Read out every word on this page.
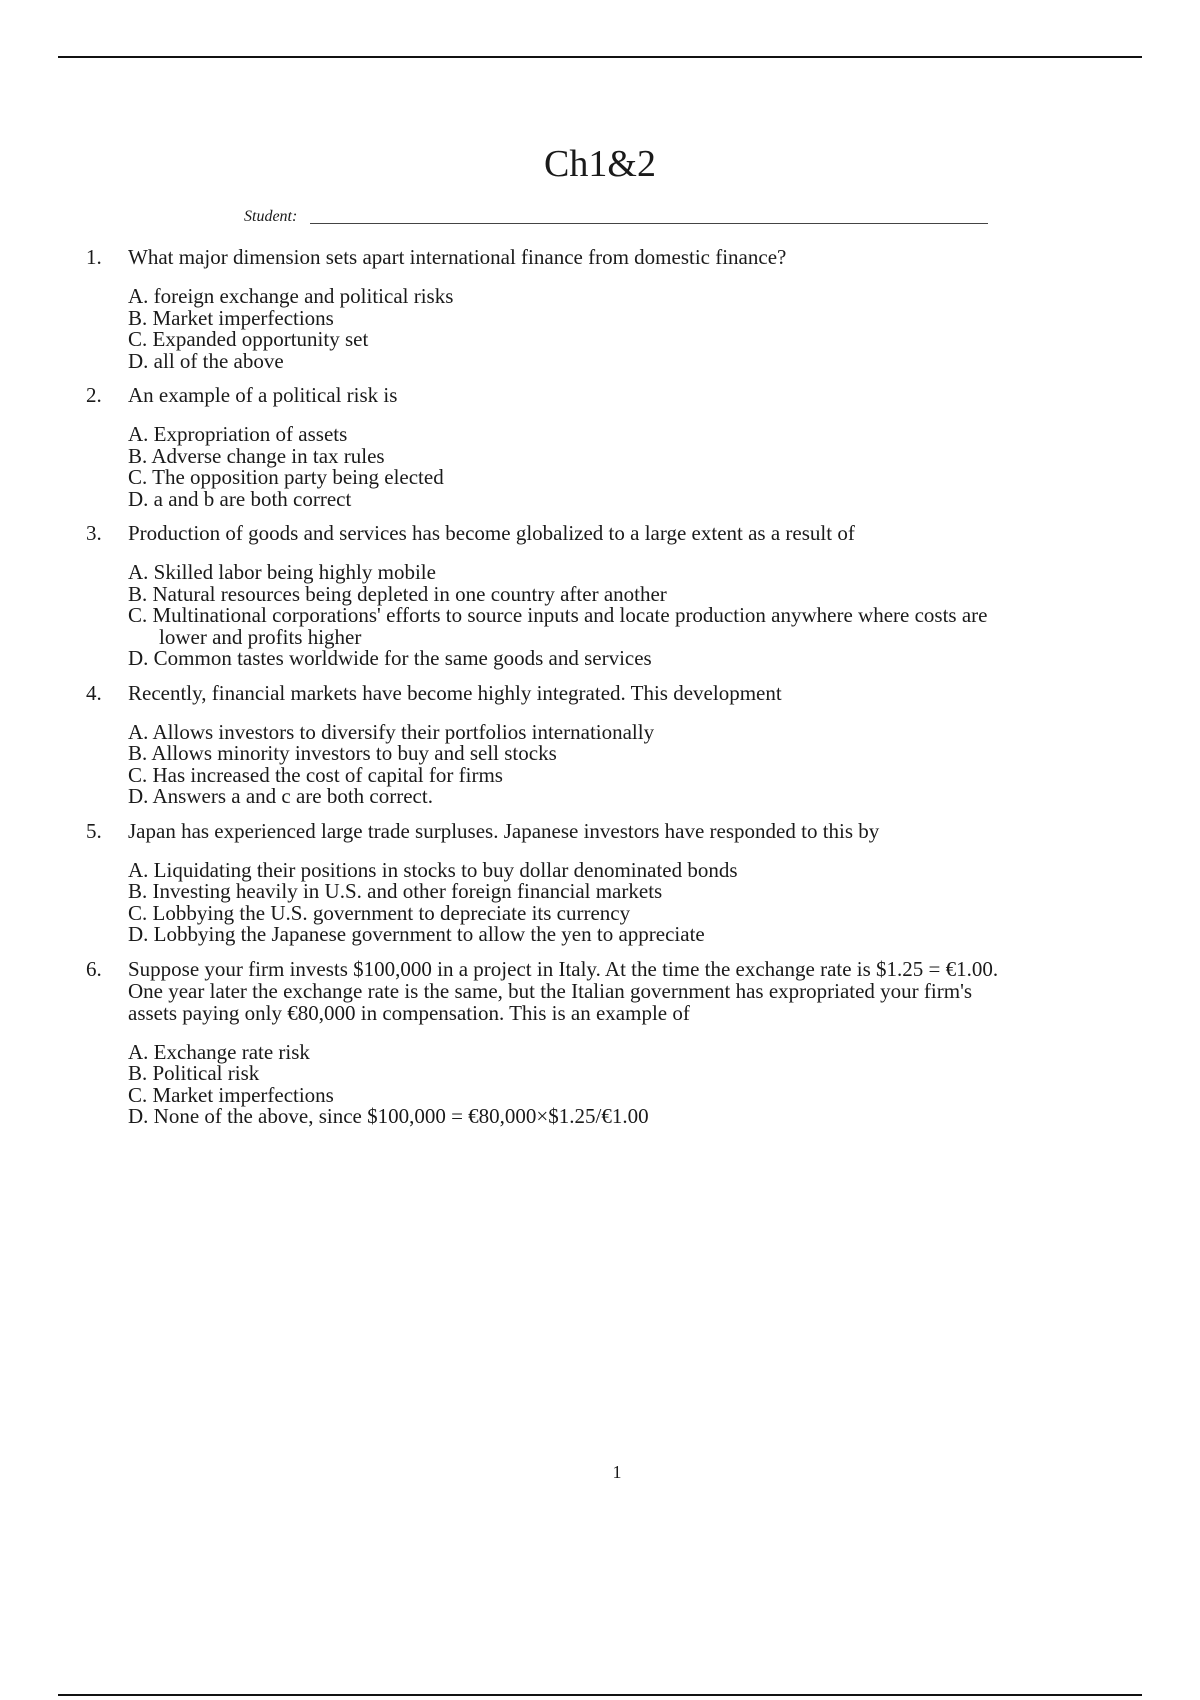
Ch1&2
Student:
1. What major dimension sets apart international finance from domestic finance?
A. foreign exchange and political risks
B. Market imperfections
C. Expanded opportunity set
D. all of the above
2. An example of a political risk is
A. Expropriation of assets
B. Adverse change in tax rules
C. The opposition party being elected
D. a and b are both correct
3. Production of goods and services has become globalized to a large extent as a result of
A. Skilled labor being highly mobile
B. Natural resources being depleted in one country after another
C. Multinational corporations' efforts to source inputs and locate production anywhere where costs are
lower and profits higher
D. Common tastes worldwide for the same goods and services
4. Recently, financial markets have become highly integrated. This development
A. Allows investors to diversify their portfolios internationally
B. Allows minority investors to buy and sell stocks
C. Has increased the cost of capital for firms
D. Answers a and c are both correct.
5. Japan has experienced large trade surpluses. Japanese investors have responded to this by
A. Liquidating their positions in stocks to buy dollar denominated bonds
B. Investing heavily in U.S. and other foreign financial markets
C. Lobbying the U.S. government to depreciate its currency
D. Lobbying the Japanese government to allow the yen to appreciate
6. Suppose your firm invests $100,000 in a project in Italy. At the time the exchange rate is $1.25 = €1.00.
One year later the exchange rate is the same, but the Italian government has expropriated your firm's
assets paying only €80,000 in compensation. This is an example of
A. Exchange rate risk
B. Political risk
C. Market imperfections
D. None of the above, since $100,000 = €80,000×$1.25/€1.00
1
